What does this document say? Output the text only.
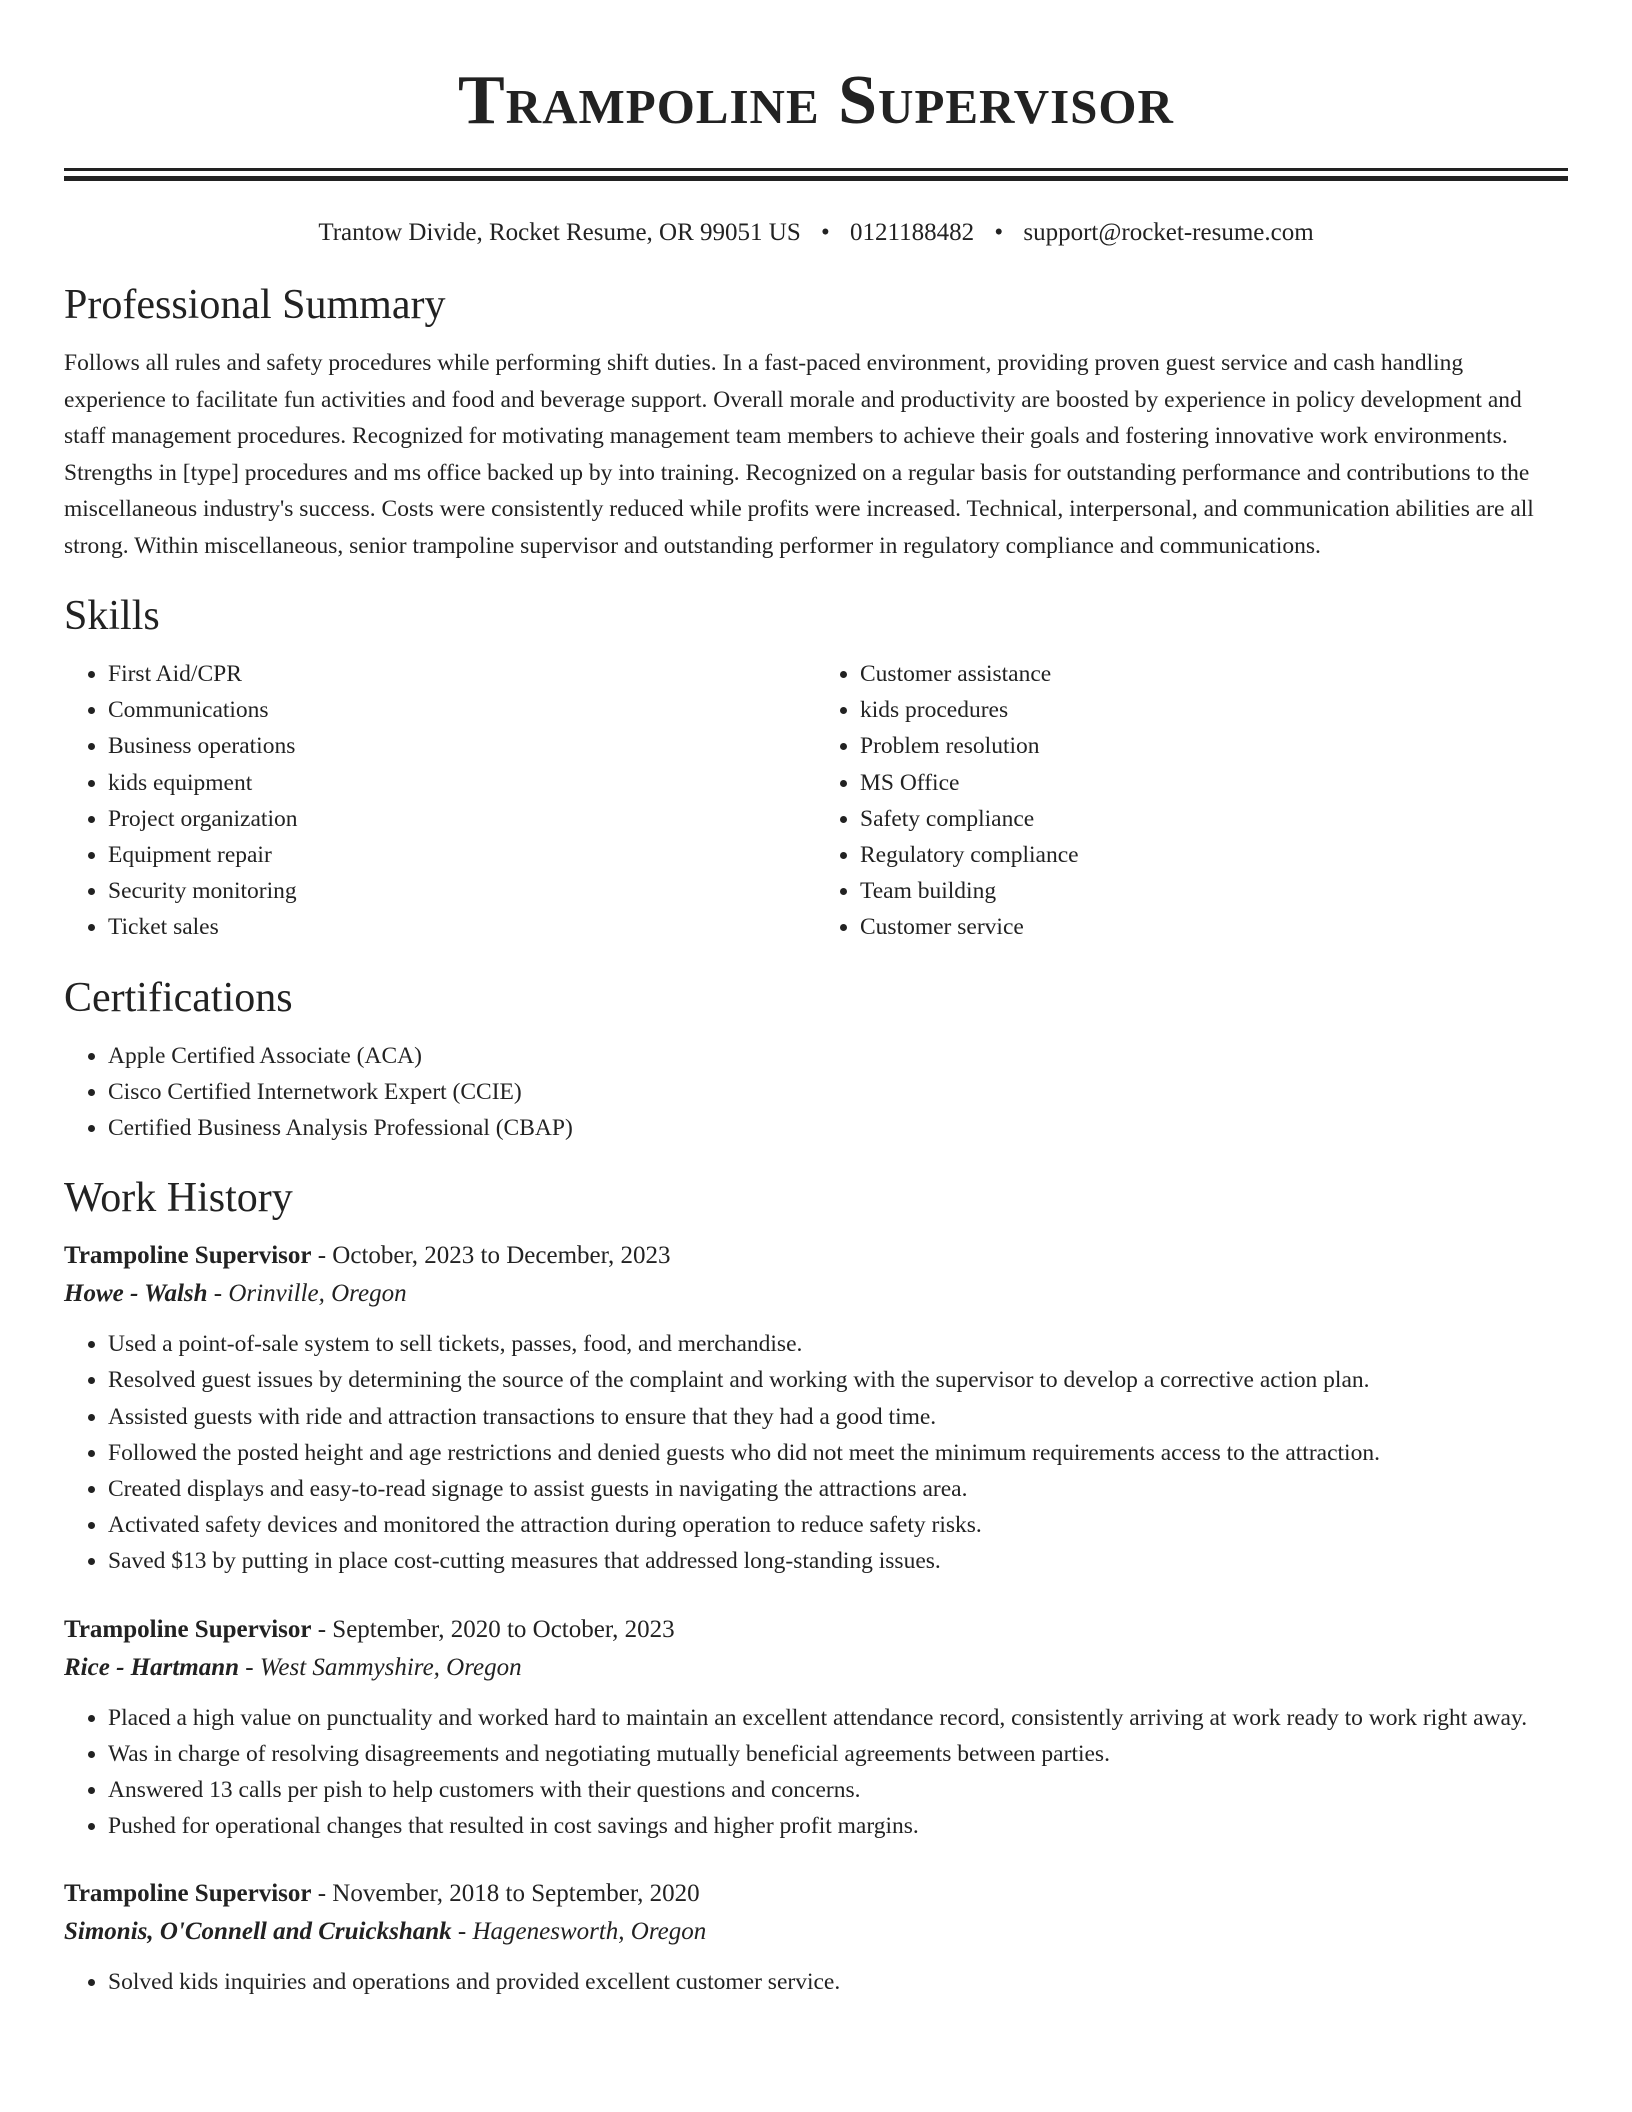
Trampoline Supervisor
Trantow Divide, Rocket Resume, OR 99051 US • 0121188482 • support@rocket-resume.com
Professional Summary

Follows all rules and safety procedures while performing shift duties. In a fast-paced environment, providing proven guest service and cash handling experience to facilitate fun activities and food and beverage support. Overall morale and productivity are boosted by experience in policy development and staff management procedures. Recognized for motivating management team members to achieve their goals and fostering innovative work environments. Strengths in [type] procedures and ms office backed up by into training. Recognized on a regular basis for outstanding performance and contributions to the miscellaneous industry's success. Costs were consistently reduced while profits were increased. Technical, interpersonal, and communication abilities are all strong. Within miscellaneous, senior trampoline supervisor and outstanding performer in regulatory compliance and communications.

Skills
• First Aid/CPR
• Communications
• Business operations
• kids equipment
• Project organization
• Equipment repair
• Security monitoring
• Ticket sales
• Customer assistance
• kids procedures
• Problem resolution
• MS Office
• Safety compliance
• Regulatory compliance
• Team building
• Customer service
Certifications
• Apple Certified Associate (ACA)
• Cisco Certified Internetwork Expert (CCIE)
• Certified Business Analysis Professional (CBAP)
Work History
Trampoline Supervisor - October, 2023 to December, 2023
Howe - Walsh - Orinville, Oregon
• Used a point-of-sale system to sell tickets, passes, food, and merchandise.
• Resolved guest issues by determining the source of the complaint and working with the supervisor to develop a corrective action plan.
• Assisted guests with ride and attraction transactions to ensure that they had a good time.
• Followed the posted height and age restrictions and denied guests who did not meet the minimum requirements access to the attraction.
• Created displays and easy-to-read signage to assist guests in navigating the attractions area.
• Activated safety devices and monitored the attraction during operation to reduce safety risks.
• Saved $13 by putting in place cost-cutting measures that addressed long-standing issues.
Trampoline Supervisor - September, 2020 to October, 2023
Rice - Hartmann - West Sammyshire, Oregon
• Placed a high value on punctuality and worked hard to maintain an excellent attendance record, consistently arriving at work ready to work right away.
• Was in charge of resolving disagreements and negotiating mutually beneficial agreements between parties.
• Answered 13 calls per pish to help customers with their questions and concerns.
• Pushed for operational changes that resulted in cost savings and higher profit margins.
Trampoline Supervisor - November, 2018 to September, 2020
Simonis, O'Connell and Cruickshank - Hagenesworth, Oregon
• Solved kids inquiries and operations and provided excellent customer service.
